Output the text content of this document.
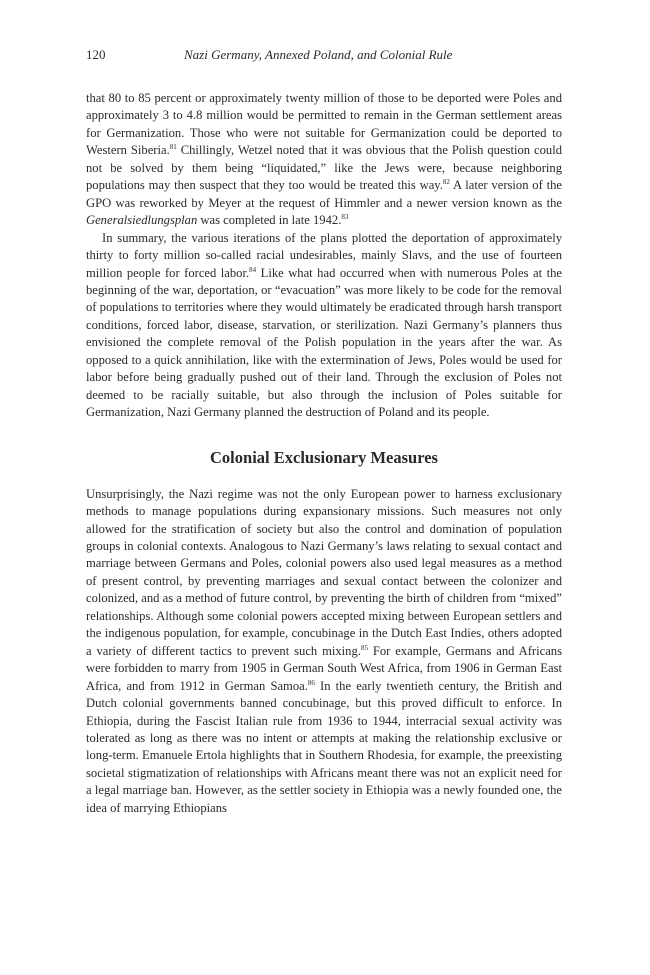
120	Nazi Germany, Annexed Poland, and Colonial Rule

that 80 to 85 percent or approximately twenty million of those to be deported were Poles and approximately 3 to 4.8 million would be permitted to remain in the German settlement areas for Germanization. Those who were not suitable for Germanization could be deported to Western Siberia.$^{81}$ Chillingly, Wetzel noted that it was obvious that the Polish question could not be solved by them being “liquidated,” like the Jews were, because neighboring populations may then suspect that they too would be treated this way.$^{82}$ A later version of the GPO was reworked by Meyer at the request of Himmler and a newer version known as the Generalsiedlungsplan was completed in late 1942.83

In summary, the various iterations of the plans plotted the deportation of approximately thirty to forty million so-called racial undesirables, mainly Slavs, and the use of fourteen million people for forced labor.$^{84}$ Like what had occurred when with numerous Poles at the beginning of the war, deportation, or “evacuation” was more likely to be code for the removal of populations to territories where they would ultimately be eradicated through harsh transport conditions, forced labor, disease, starvation, or sterilization. Nazi Germany’s planners thus envisioned the complete removal of the Polish population in the years after the war. As opposed to a quick annihilation, like with the extermination of Jews, Poles would be used for labor before being gradually pushed out of their land. Through the exclusion of Poles not deemed to be racially suitable, but also through the inclusion of Poles suitable for Germanization, Nazi Germany planned the destruction of Poland and its people.

Colonial Exclusionary Measures

Unsurprisingly, the Nazi regime was not the only European power to harness exclusionary methods to manage populations during expansionary missions. Such measures not only allowed for the stratification of society but also the control and domination of population groups in colonial contexts. Analogous to Nazi Germany’s laws relating to sexual contact and marriage between Germans and Poles, colonial powers also used legal measures as a method of present control, by preventing marriages and sexual contact between the colonizer and colonized, and as a method of future control, by preventing the birth of children from “mixed” relationships. Although some colonial powers accepted mixing between European settlers and the indigenous population, for example, concubinage in the Dutch East Indies, others adopted a variety of different tactics to prevent such mixing.$^{85}$ For example, Germans and Africans were forbidden to marry from 1905 in German South West Africa, from 1906 in German East Africa, and from 1912 in German Samoa.$^{86}$ In the early twentieth century, the British and Dutch colonial governments banned concubinage, but this proved difficult to enforce. In Ethiopia, during the Fascist Italian rule from 1936 to 1944, interracial sexual activity was tolerated as long as there was no intent or attempts at making the relationship exclusive or long-term. Emanuele Ertola highlights that in Southern Rhodesia, for example, the preexisting societal stigmatization of relationships with Africans meant there was not an explicit need for a legal marriage ban. However, as the settler society in Ethiopia was a newly founded one, the idea of marrying Ethiopians
